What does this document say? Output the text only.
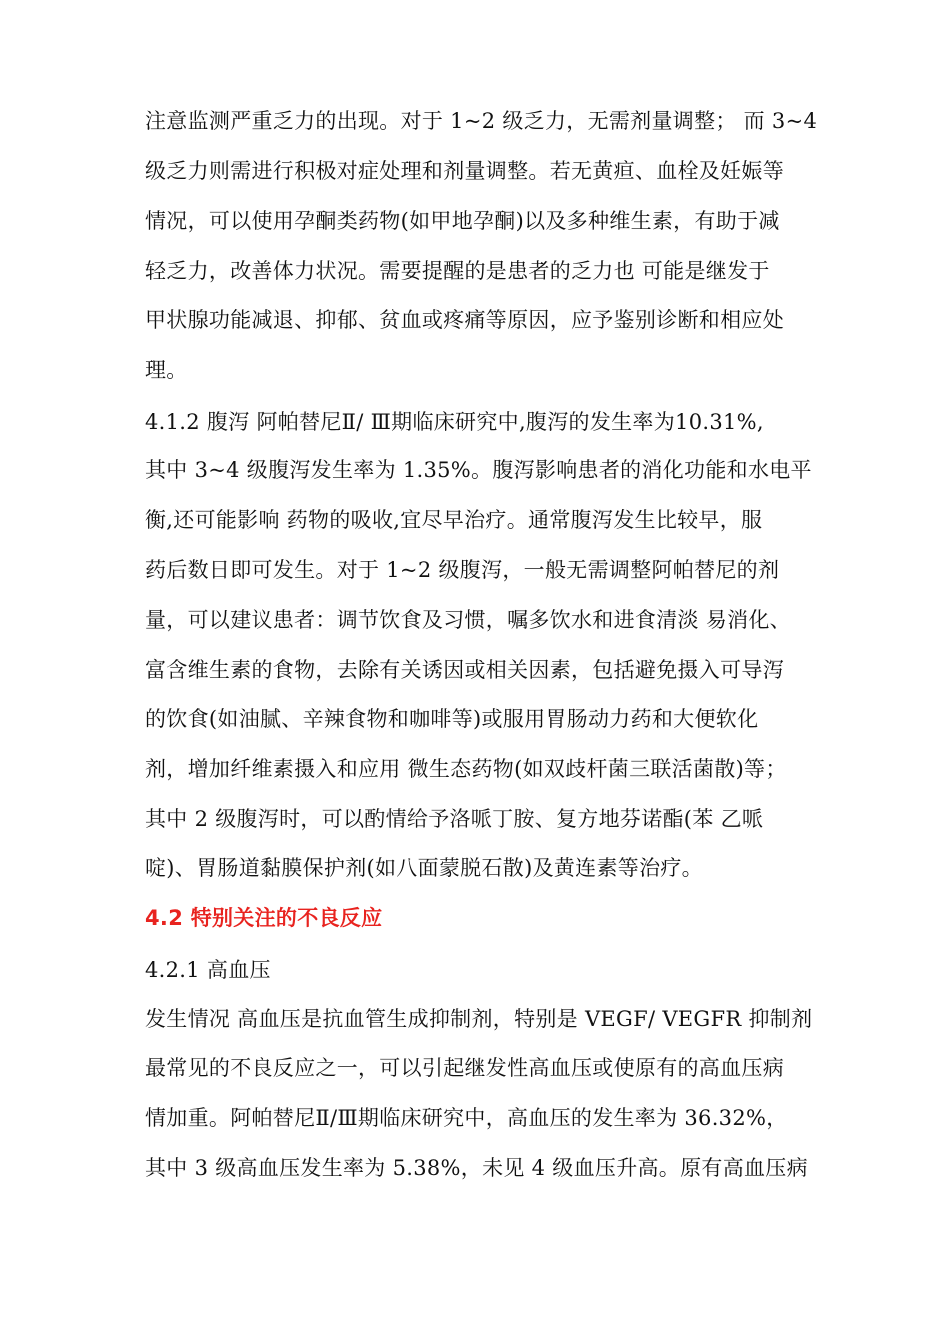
注意监测严重乏力的出现。对于 1~2 级乏力，无需剂量调整； 而 3~4
级乏力则需进行积极对症处理和剂量调整。若无黄疸、血栓及妊娠等
情况，可以使用孕酮类药物(如甲地孕酮)以及多种维生素，有助于减
轻乏力，改善体力状况。需要提醒的是患者的乏力也 可能是继发于
甲状腺功能减退、抑郁、贫血或疼痛等原因，应予鉴别诊断和相应处
理。
4.1.2 腹泻 阿帕替尼Ⅱ/ Ⅲ期临床研究中,腹泻的发生率为10.31%,
其中 3~4 级腹泻发生率为 1.35%。腹泻影响患者的消化功能和水电平
衡,还可能影响 药物的吸收,宜尽早治疗。通常腹泻发生比较早，服
药后数日即可发生。对于 1~2 级腹泻，一般无需调整阿帕替尼的剂
量，可以建议患者：调节饮食及习惯，嘱多饮水和进食清淡 易消化、
富含维生素的食物，去除有关诱因或相关因素，包括避免摄入可导泻
的饮食(如油腻、辛辣食物和咖啡等)或服用胃肠动力药和大便软化
剂，增加纤维素摄入和应用 微生态药物(如双歧杆菌三联活菌散)等；
其中 2 级腹泻时，可以酌情给予洛哌丁胺、复方地芬诺酯(苯 乙哌
啶)、胃肠道黏膜保护剂(如八面蒙脱石散)及黄连素等治疗。
4.2 特别关注的不良反应
4.2.1 高血压
发生情况 高血压是抗血管生成抑制剂，特别是 VEGF/ VEGFR 抑制剂
最常见的不良反应之一，可以引起继发性高血压或使原有的高血压病
情加重。阿帕替尼Ⅱ/Ⅲ期临床研究中，高血压的发生率为 36.32%，
其中 3 级高血压发生率为 5.38%，未见 4 级血压升高。原有高血压病
